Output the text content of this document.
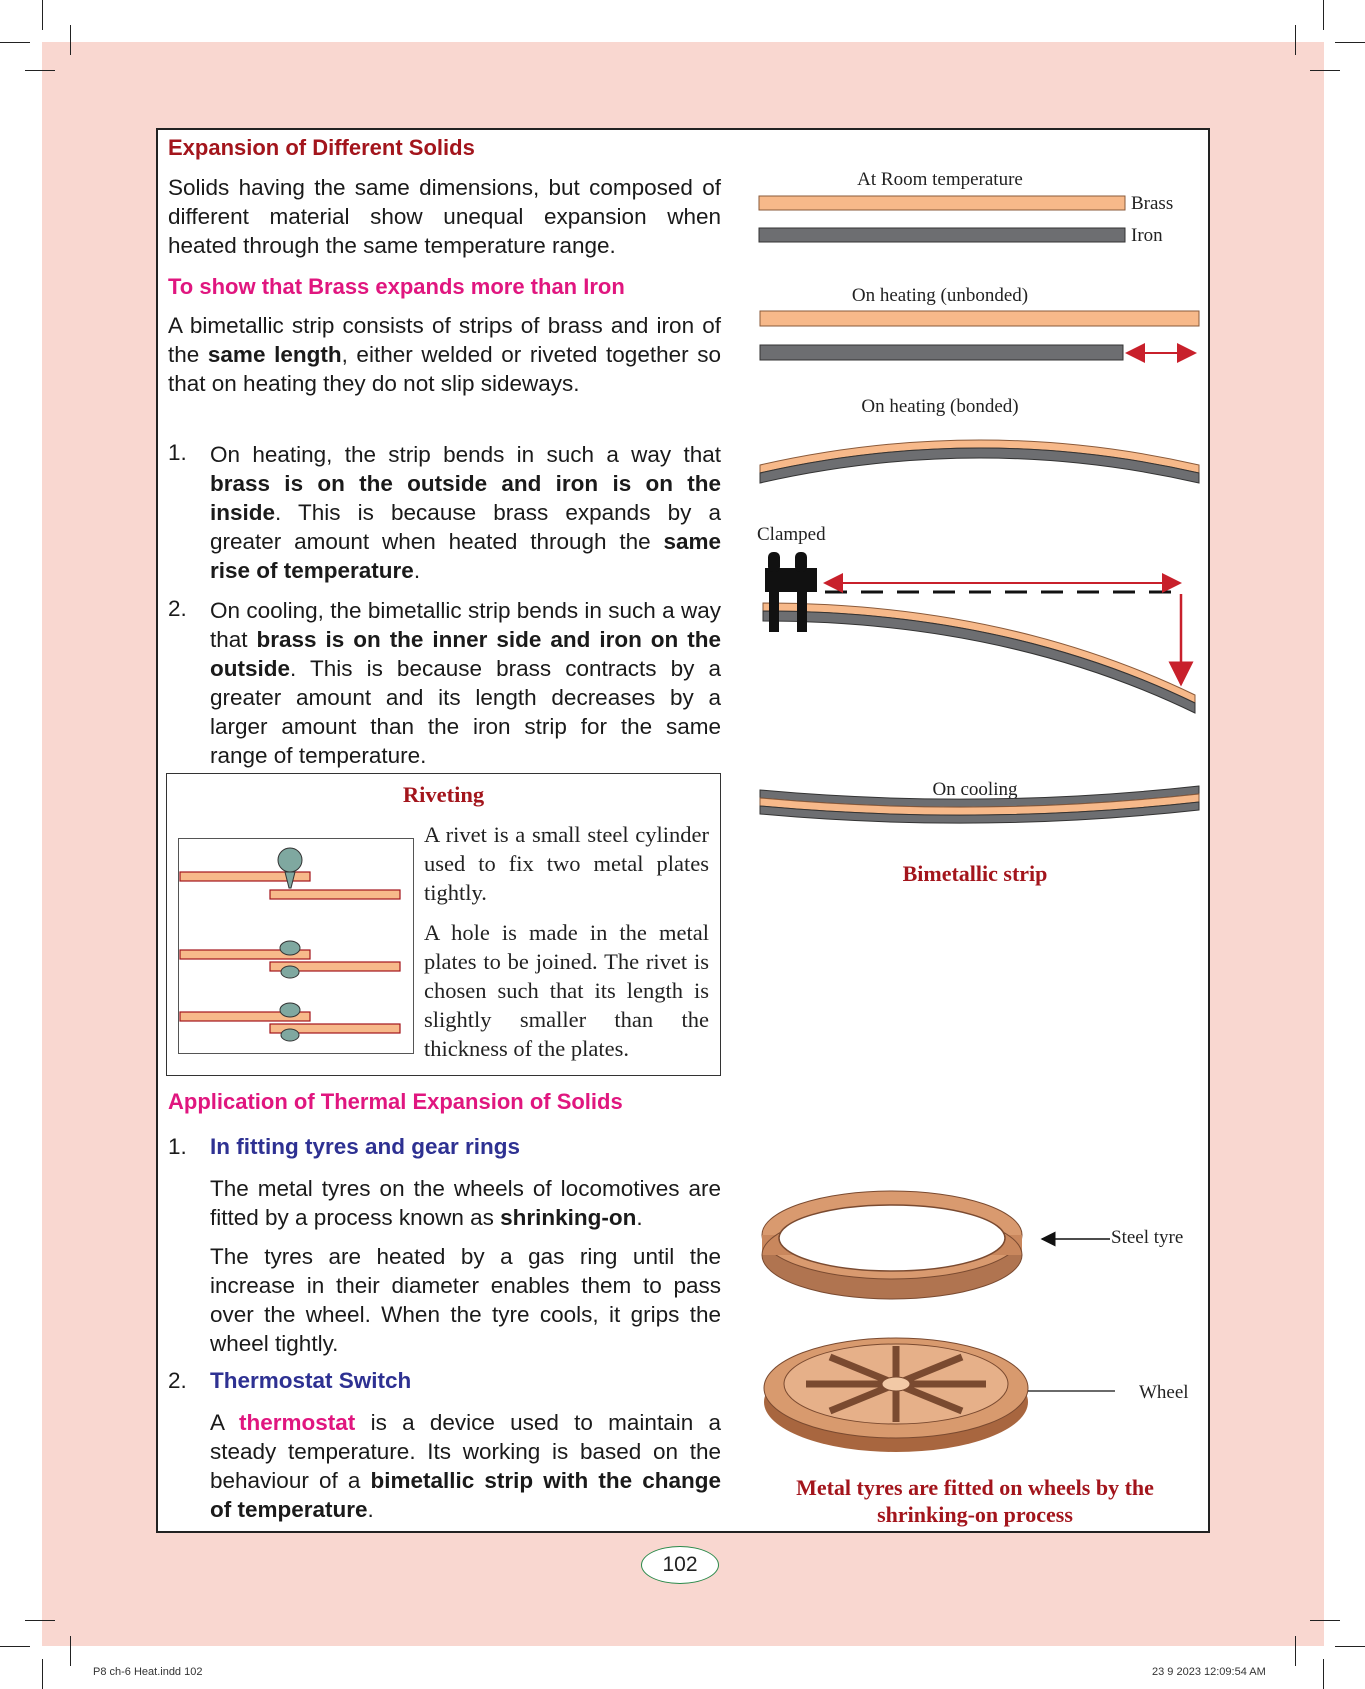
Expansion of Different Solids
Solids having the same dimensions, but composed of different material show unequal expansion when heated through the same temperature range.
To show that Brass expands more than Iron
A bimetallic strip consists of strips of brass and iron of the same length, either welded or riveted together so that on heating they do not slip sideways.
1. On heating, the strip bends in such a way that brass is on the outside and iron is on the inside. This is because brass expands by a greater amount when heated through the same rise of temperature.
2. On cooling, the bimetallic strip bends in such a way that brass is on the inner side and iron on the outside. This is because brass contracts by a greater amount and its length decreases by a larger amount than the iron strip for the same range of temperature.
Riveting
A rivet is a small steel cylinder used to fix two metal plates tightly.
A hole is made in the metal plates to be joined. The rivet is chosen such that its length is slightly smaller than the thickness of the plates.
Application of Thermal Expansion of Solids
1. In fitting tyres and gear rings
The metal tyres on the wheels of locomotives are fitted by a process known as shrinking-on.
The tyres are heated by a gas ring until the increase in their diameter enables them to pass over the wheel. When the tyre cools, it grips the wheel tightly.
2. Thermostat Switch
A thermostat is a device used to maintain a steady temperature. Its working is based on the behaviour of a bimetallic strip with the change of temperature.
At Room temperature
Brass
Iron
On heating (unbonded)
On heating (bonded)
Clamped
On cooling
Bimetallic strip
Steel tyre
Wheel
Metal tyres are fitted on wheels by the
shrinking-on process
102
P8 ch-6 Heat.indd 102	23 9 2023 12:09:54 AM
